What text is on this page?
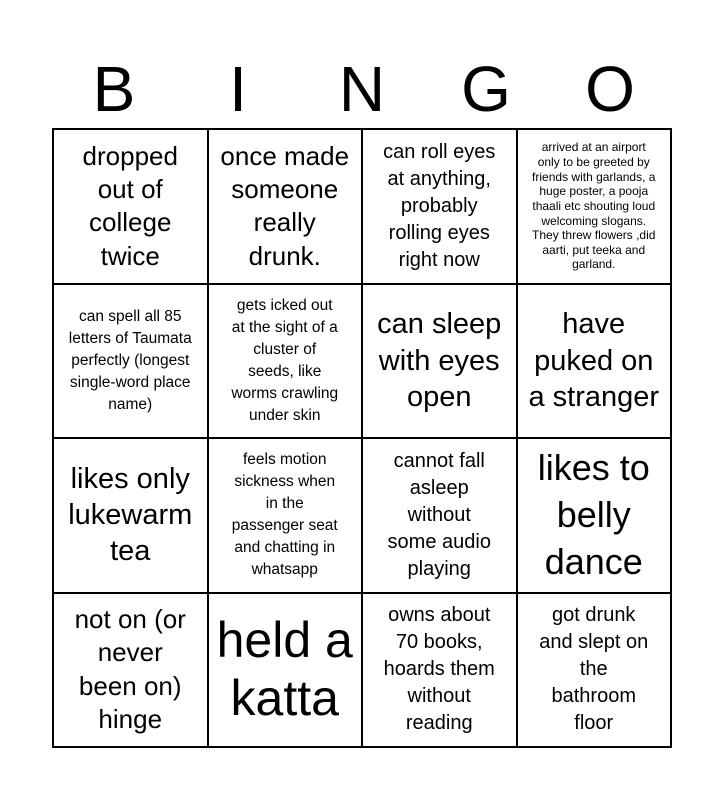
B	I	N	G	O
dropped
out of
college
twice
once made
someone
really
drunk.
can roll eyes
at anything,
probably
rolling eyes
right now
arrived at an airport
only to be greeted by
friends with garlands, a
huge poster, a pooja
thaali etc shouting loud
welcoming slogans.
They threw flowers ,did
aarti, put teeka and
garland.
can spell all 85
letters of Taumata
perfectly (longest
single-word place
name)
gets icked out
at the sight of a
cluster of
seeds, like
worms crawling
under skin
can sleep
with eyes
open
have
puked on
a stranger
likes only
lukewarm
tea
feels motion
sickness when
in the
passenger seat
and chatting in
whatsapp
cannot fall
asleep
without
some audio
playing
likes to
belly
dance
not on (or
never
been on)
hinge
held a
katta
owns about
70 books,
hoards them
without
reading
got drunk
and slept on
the
bathroom
floor
